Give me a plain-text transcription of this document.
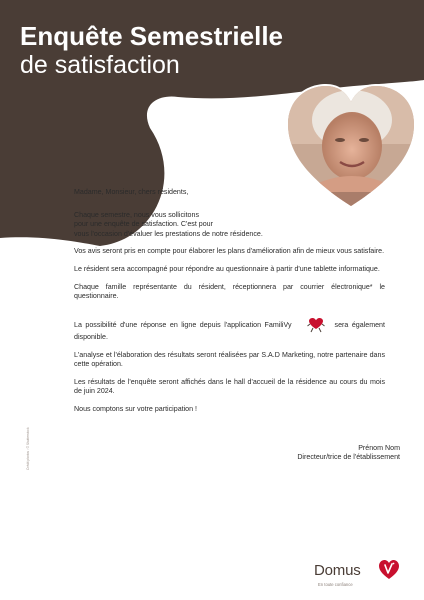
Enquête Semestrielle
de satisfaction

Madame, Monsieur, chers résidents,

Chaque semestre, nous vous sollicitons
pour une enquête de satisfaction. C'est pour
vous l'occasion d'évaluer les prestations de notre résidence.

Vos avis seront pris en compte pour élaborer les plans d'amélioration afin de mieux vous satisfaire.

Le résident sera accompagné pour répondre au questionnaire à partir d'une tablette informatique.

Chaque famille représentante du résident, réceptionnera par courrier électronique* le questionnaire.

La possibilité d'une réponse en ligne depuis l'application FamiliVy	sera également disponible.

L'analyse et l'élaboration des résultats seront réalisées par S.A.D Marketing, notre partenaire dans cette opération.

Les résultats de l'enquête seront affichés dans le hall d'accueil de la résidence au cours du mois de juin 2024.

Nous comptons sur votre participation !

Prénom Nom
Directeur/trice de l'établissement
Crédit photos : © Shutterstock

* Si vous ne possédez pas d'adresse mail
personnelle vous pouvez nous fournir celle
d'un membre de votre entourage auprès duquel
vous pourrez effectuer votre réponse au questionnaire
. L'adresse mail fournie ne servira que pour l'enquête de
satisfaction et ne sera communiquée qu'à notre seul prestataire	Domus
En toute confiance
